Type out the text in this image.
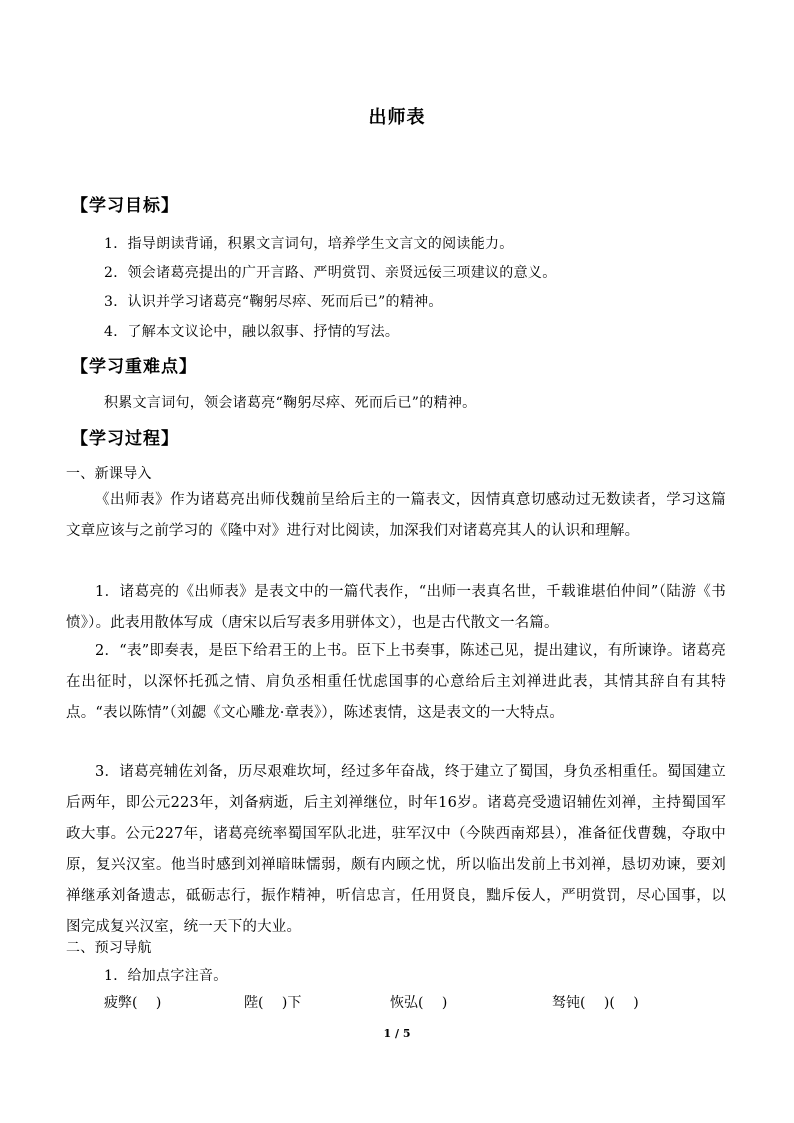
出师表
【学习目标】
1．指导朗读背诵，积累文言词句，培养学生文言文的阅读能力。
2．领会诸葛亮提出的广开言路、严明赏罚、亲贤远佞三项建议的意义。
3．认识并学习诸葛亮“鞠躬尽瘁、死而后已”的精神。
4．了解本文议论中，融以叙事、抒情的写法。
【学习重难点】
积累文言词句，领会诸葛亮“鞠躬尽瘁、死而后已”的精神。
【学习过程】
一、新课导入
《出师表》作为诸葛亮出师伐魏前呈给后主的一篇表文，因情真意切感动过无数读者，学习这篇文章应该与之前学习的《隆中对》进行对比阅读，加深我们对诸葛亮其人的认识和理解。
1．诸葛亮的《出师表》是表文中的一篇代表作，“出师一表真名世，千载谁堪伯仲间”（陆游《书愤》）。此表用散体写成（唐宋以后写表多用骈体文），也是古代散文一名篇。
2．“表”即奏表，是臣下给君王的上书。臣下上书奏事，陈述己见，提出建议，有所谏诤。诸葛亮在出征时，以深怀托孤之情、肩负丞相重任忧虑国事的心意给后主刘禅进此表，其情其辞自有其特点。“表以陈情”（刘勰《文心雕龙·章表》），陈述衷情，这是表文的一大特点。
3．诸葛亮辅佐刘备，历尽艰难坎坷，经过多年奋战，终于建立了蜀国，身负丞相重任。蜀国建立后两年，即公元223年，刘备病逝，后主刘禅继位，时年16岁。诸葛亮受遗诏辅佐刘禅，主持蜀国军政大事。公元227年，诸葛亮统率蜀国军队北进，驻军汉中（今陕西南郑县），准备征伐曹魏，夺取中原，复兴汉室。他当时感到刘禅暗昧懦弱，颇有内顾之忧，所以临出发前上书刘禅，恳切劝谏，要刘禅继承刘备遗志，砥砺志行，振作精神，听信忠言，任用贤良，黜斥佞人，严明赏罚，尽心国事，以图完成复兴汉室，统一天下的大业。
二、预习导航
1．给加点字注音。
疲弊(　 )	陛(　 )下	恢弘(　 )	驽钝(　 )(　 )
1 / 5
